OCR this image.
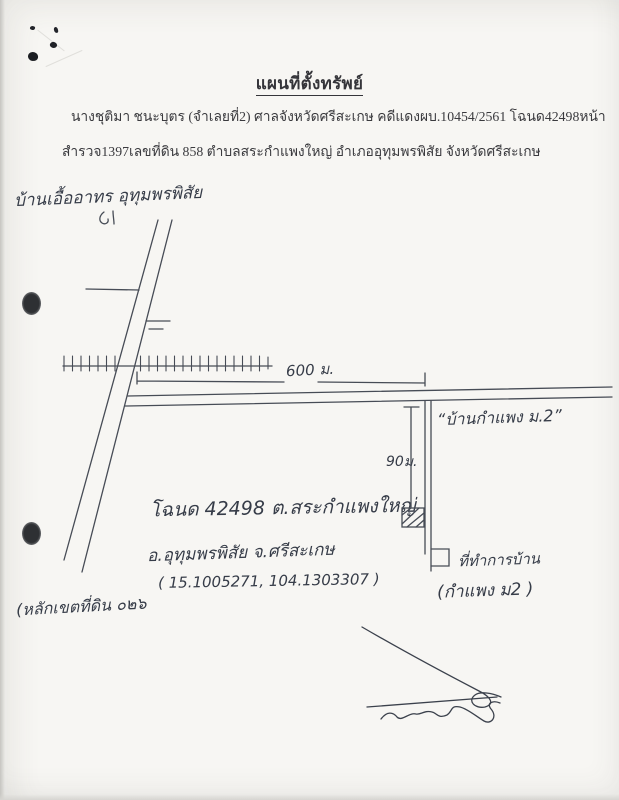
แผนที่ตั้งทรัพย์
นางชุติมา ชนะบุตร (จำเลยที่2) ศาลจังหวัดศรีสะเกษ คดีแดงผบ.10454/2561 โฉนด42498หน้า
สำรวจ1397เลขที่ดิน 858 ตำบลสระกำแพงใหญ่ อำเภออุทุมพรพิสัย จังหวัดศรีสะเกษ
บ้านเอื้ออาทร อุทุมพรพิสัย
600 ม.
90ม.
“บ้านกำแพง ม.2”
โฉนด 42498 ต.สระกำแพงใหญ่
อ.อุทุมพรพิสัย จ.ศรีสะเกษ
( 15.1005271, 104.1303307 )
(หลักเขตที่ดิน ๐๒๖
ที่ทำการบ้าน
(กำแพง ม2 )
